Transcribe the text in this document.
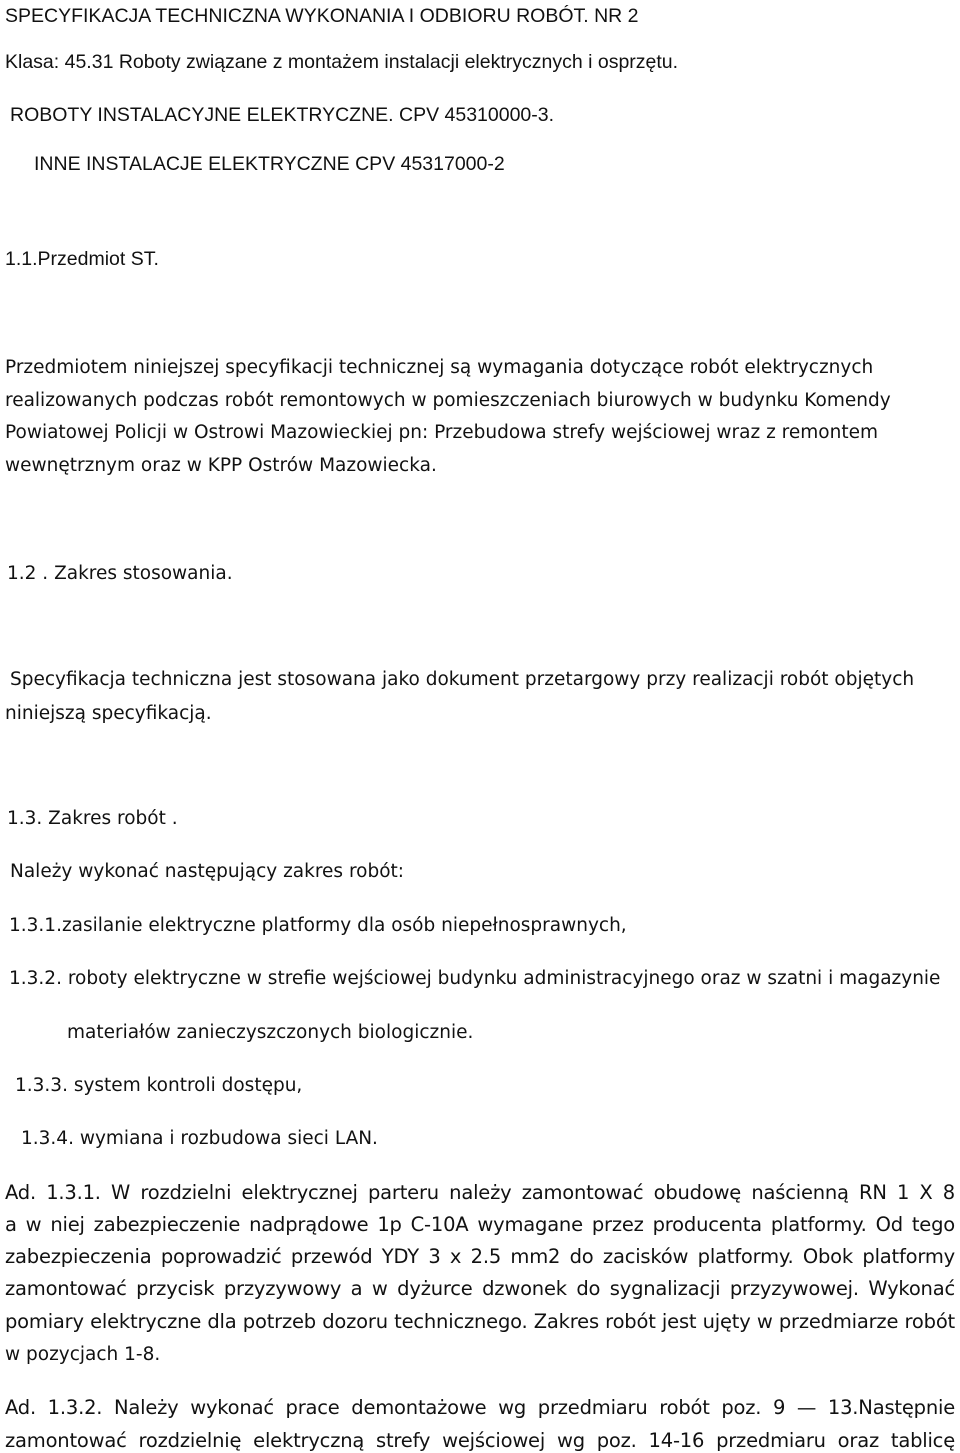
SPECYFIKACJA TECHNICZNA WYKONANIA I ODBIORU ROBÓT. NR 2

Klasa: 45.31 Roboty związane z montażem instalacji elektrycznych i osprzętu.

ROBOTY INSTALACYJNE ELEKTRYCZNE. CPV 45310000-3.

INNE INSTALACJE ELEKTRYCZNE CPV 45317000-2

1.1.Przedmiot ST.

Przedmiotem niniejszej specyfikacji technicznej są wymagania dotyczące robót elektrycznych

realizowanych podczas robót remontowych w pomieszczeniach biurowych w budynku Komendy

Powiatowej Policji w Ostrowi Mazowieckiej pn: Przebudowa strefy wejściowej wraz z remontem

wewnętrznym oraz w KPP Ostrów Mazowiecka.

1.2 . Zakres stosowania.

Specyfikacja techniczna jest stosowana jako dokument przetargowy przy realizacji robót objętych

niniejszą specyfikacją.

1.3. Zakres robót .

Należy wykonać następujący zakres robót:

1.3.1.zasilanie elektryczne platformy dla osób niepełnosprawnych,

1.3.2. roboty elektryczne w strefie wejściowej budynku administracyjnego oraz w szatni i magazynie

materiałów zanieczyszczonych biologicznie.

1.3.3. system kontroli dostępu,

1.3.4. wymiana i rozbudowa sieci LAN.

Ad. 1.3.1. W rozdzielni elektrycznej parteru należy zamontować obudowę naścienną RN 1 X 8

a w niej zabezpieczenie nadprądowe 1p C-10A wymagane przez producenta platformy. Od tego

zabezpieczenia poprowadzić przewód YDY 3 x 2.5 mm2 do zacisków platformy. Obok platformy

zamontować przycisk przyzywowy a w dyżurce dzwonek do sygnalizacji przyzywowej. Wykonać

pomiary elektryczne dla potrzeb dozoru technicznego. Zakres robót jest ujęty w przedmiarze robót

w pozycjach 1-8.

Ad. 1.3.2. Należy wykonać prace demontażowe wg przedmiaru robót poz. 9 — 13.Następnie

zamontować rozdzielnię elektryczną strefy wejściowej wg poz. 14-16 przedmiaru oraz tablicę
